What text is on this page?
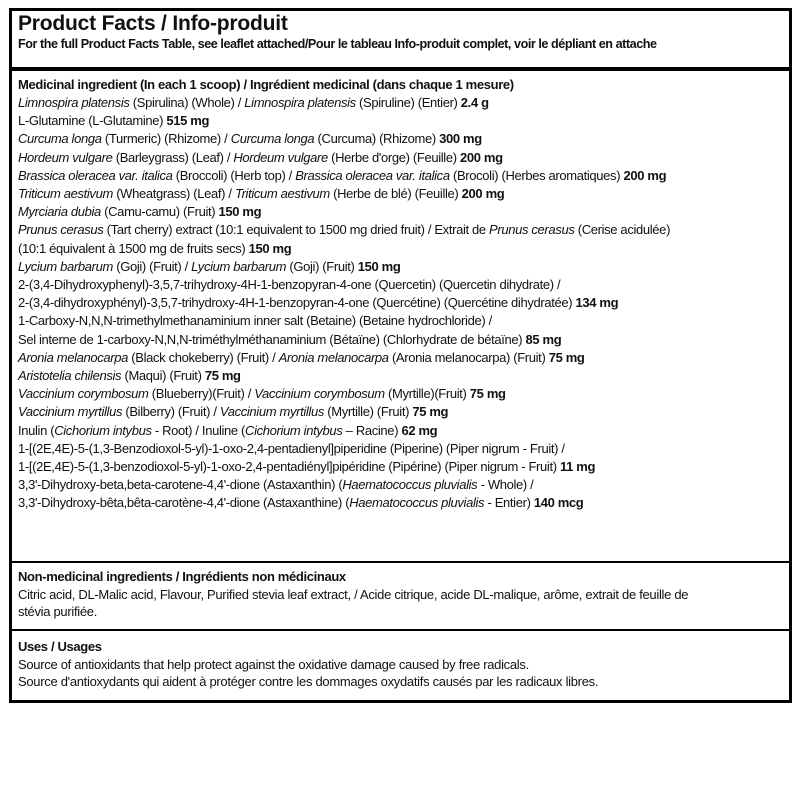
Product Facts / Info-produit
For the full Product Facts Table, see leaflet attached/Pour le tableau Info-produit complet, voir le dépliant en attache
Medicinal ingredient (In each 1 scoop) / Ingrédient medicinal (dans chaque 1 mesure)
Limnospira platensis (Spirulina) (Whole) / Limnospira platensis (Spiruline) (Entier) 2.4 g
L-Glutamine (L-Glutamine) 515 mg
Curcuma longa (Turmeric) (Rhizome) / Curcuma longa (Curcuma) (Rhizome) 300 mg
Hordeum vulgare (Barleygrass) (Leaf) / Hordeum vulgare (Herbe d'orge) (Feuille) 200 mg
Brassica oleracea var. italica (Broccoli) (Herb top) / Brassica oleracea var. italica (Brocoli) (Herbes aromatiques) 200 mg
Triticum aestivum (Wheatgrass) (Leaf) / Triticum aestivum (Herbe de blé) (Feuille) 200 mg
Myrciaria dubia (Camu-camu) (Fruit) 150 mg
Prunus cerasus (Tart cherry) extract (10:1 equivalent to 1500 mg dried fruit) / Extrait de Prunus cerasus (Cerise acidulée)
(10:1 équivalent à 1500 mg de fruits secs) 150 mg
Lycium barbarum (Goji) (Fruit) / Lycium barbarum (Goji) (Fruit) 150 mg
2-(3,4-Dihydroxyphenyl)-3,5,7-trihydroxy-4H-1-benzopyran-4-one (Quercetin) (Quercetin dihydrate) /
2-(3,4-dihydroxyphényl)-3,5,7-trihydroxy-4H-1-benzopyran-4-one (Quercétine) (Quercétine dihydratée) 134 mg
1-Carboxy-N,N,N-trimethylmethanaminium inner salt (Betaine) (Betaine hydrochloride) /
Sel interne de 1-carboxy-N,N,N-triméthylméthanaminium (Bétaïne) (Chlorhydrate de bétaïne) 85 mg
Aronia melanocarpa (Black chokeberry) (Fruit) / Aronia melanocarpa (Aronia melanocarpa) (Fruit) 75 mg
Aristotelia chilensis (Maqui) (Fruit) 75 mg
Vaccinium corymbosum (Blueberry)(Fruit) / Vaccinium corymbosum (Myrtille)(Fruit) 75 mg
Vaccinium myrtillus (Bilberry) (Fruit) / Vaccinium myrtillus (Myrtille) (Fruit) 75 mg
Inulin (Cichorium intybus - Root) / Inuline (Cichorium intybus – Racine) 62 mg
1-[(2E,4E)-5-(1,3-Benzodioxol-5-yl)-1-oxo-2,4-pentadienyl]piperidine (Piperine) (Piper nigrum - Fruit) /
1-[(2E,4E)-5-(1,3-benzodioxol-5-yl)-1-oxo-2,4-pentadiényl]pipéridine (Pipérine) (Piper nigrum - Fruit) 11 mg
3,3'-Dihydroxy-beta,beta-carotene-4,4'-dione (Astaxanthin) (Haematococcus pluvialis - Whole) /
3,3'-Dihydroxy-bêta,bêta-carotène-4,4'-dione (Astaxanthine) (Haematococcus pluvialis - Entier) 140 mcg
Non-medicinal ingredients / Ingrédients non médicinaux
Citric acid, DL-Malic acid, Flavour, Purified stevia leaf extract, / Acide citrique, acide DL-malique, arôme, extrait de feuille de stévia purifiée.
Uses / Usages
Source of antioxidants that help protect against the oxidative damage caused by free radicals.
Source d'antioxydants qui aident à protéger contre les dommages oxydatifs causés par les radicaux libres.
